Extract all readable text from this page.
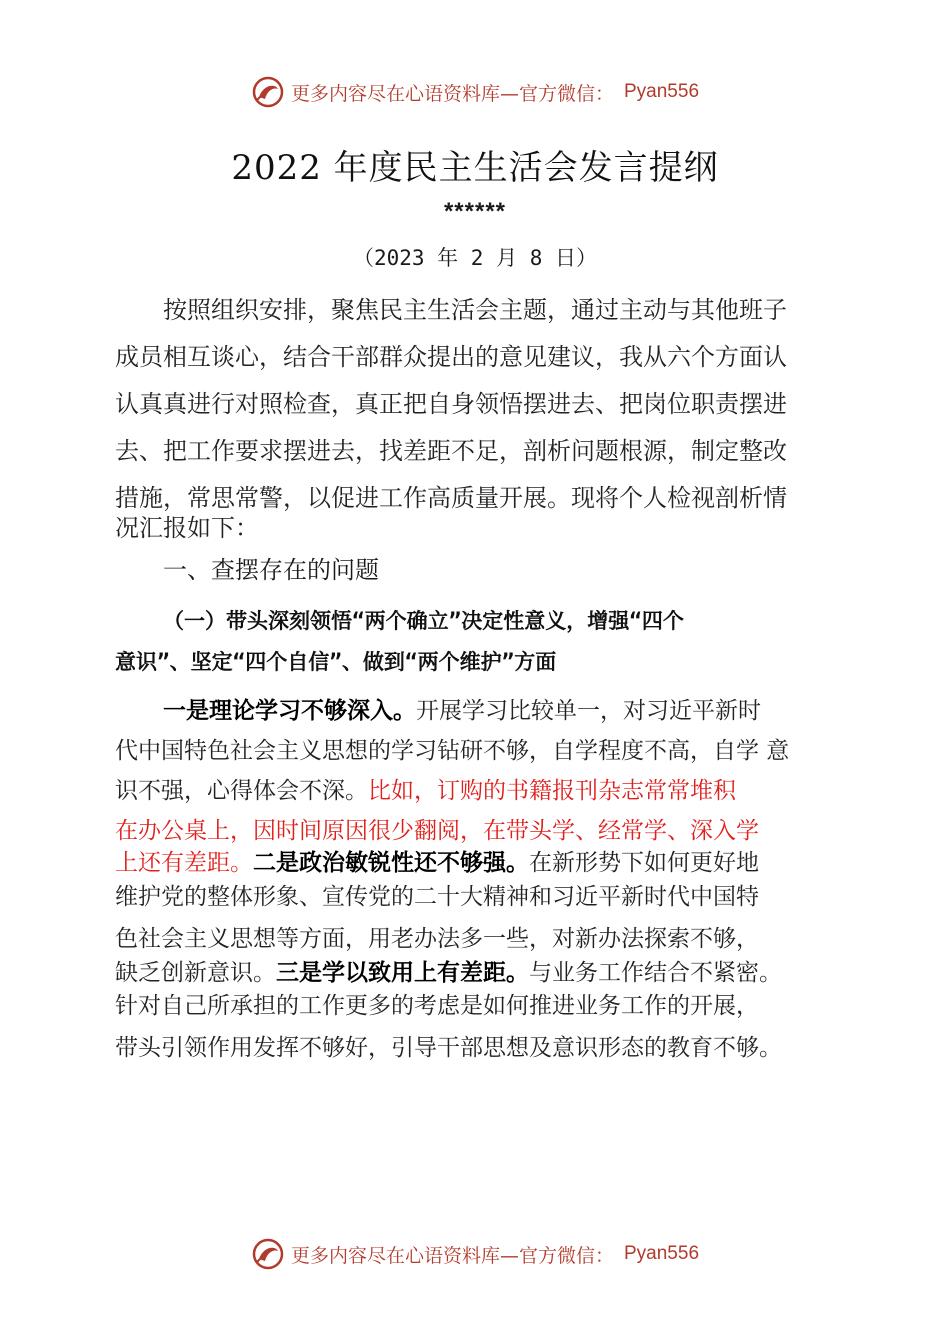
更多内容尽在心语资料库—官方微信： Pyan556
2022 年度民主生活会发言提纲
******
（2023 年 2 月 8 日）
按照组织安排，聚焦民主生活会主题，通过主动与其他班子
成员相互谈心，结合干部群众提出的意见建议，我从六个方面认
认真真进行对照检查，真正把自身领悟摆进去、把岗位职责摆进
去、把工作要求摆进去，找差距不足，剖析问题根源，制定整改
措施，常思常警，以促进工作高质量开展。现将个人检视剖析情
况汇报如下：
一、查摆存在的问题
（一）带头深刻领悟“两个确立”决定性意义，增强“四个
意识”、坚定“四个自信”、做到“两个维护”方面
一是理论学习不够深入。开展学习比较单一，对习近平新时
代中国特色社会主义思想的学习钻研不够，自学程度不高，自学 意
识不强，心得体会不深。比如，订购的书籍报刊杂志常常堆积
在办公桌上，因时间原因很少翻阅，在带头学、经常学、深入学
上还有差距。二是政治敏锐性还不够强。在新形势下如何更好地
维护党的整体形象、宣传党的二十大精神和习近平新时代中国特
色社会主义思想等方面，用老办法多一些，对新办法探索不够，
缺乏创新意识。三是学以致用上有差距。与业务工作结合不紧密。
针对自己所承担的工作更多的考虑是如何推进业务工作的开展，
带头引领作用发挥不够好，引导干部思想及意识形态的教育不够。
更多内容尽在心语资料库—官方微信： Pyan556
